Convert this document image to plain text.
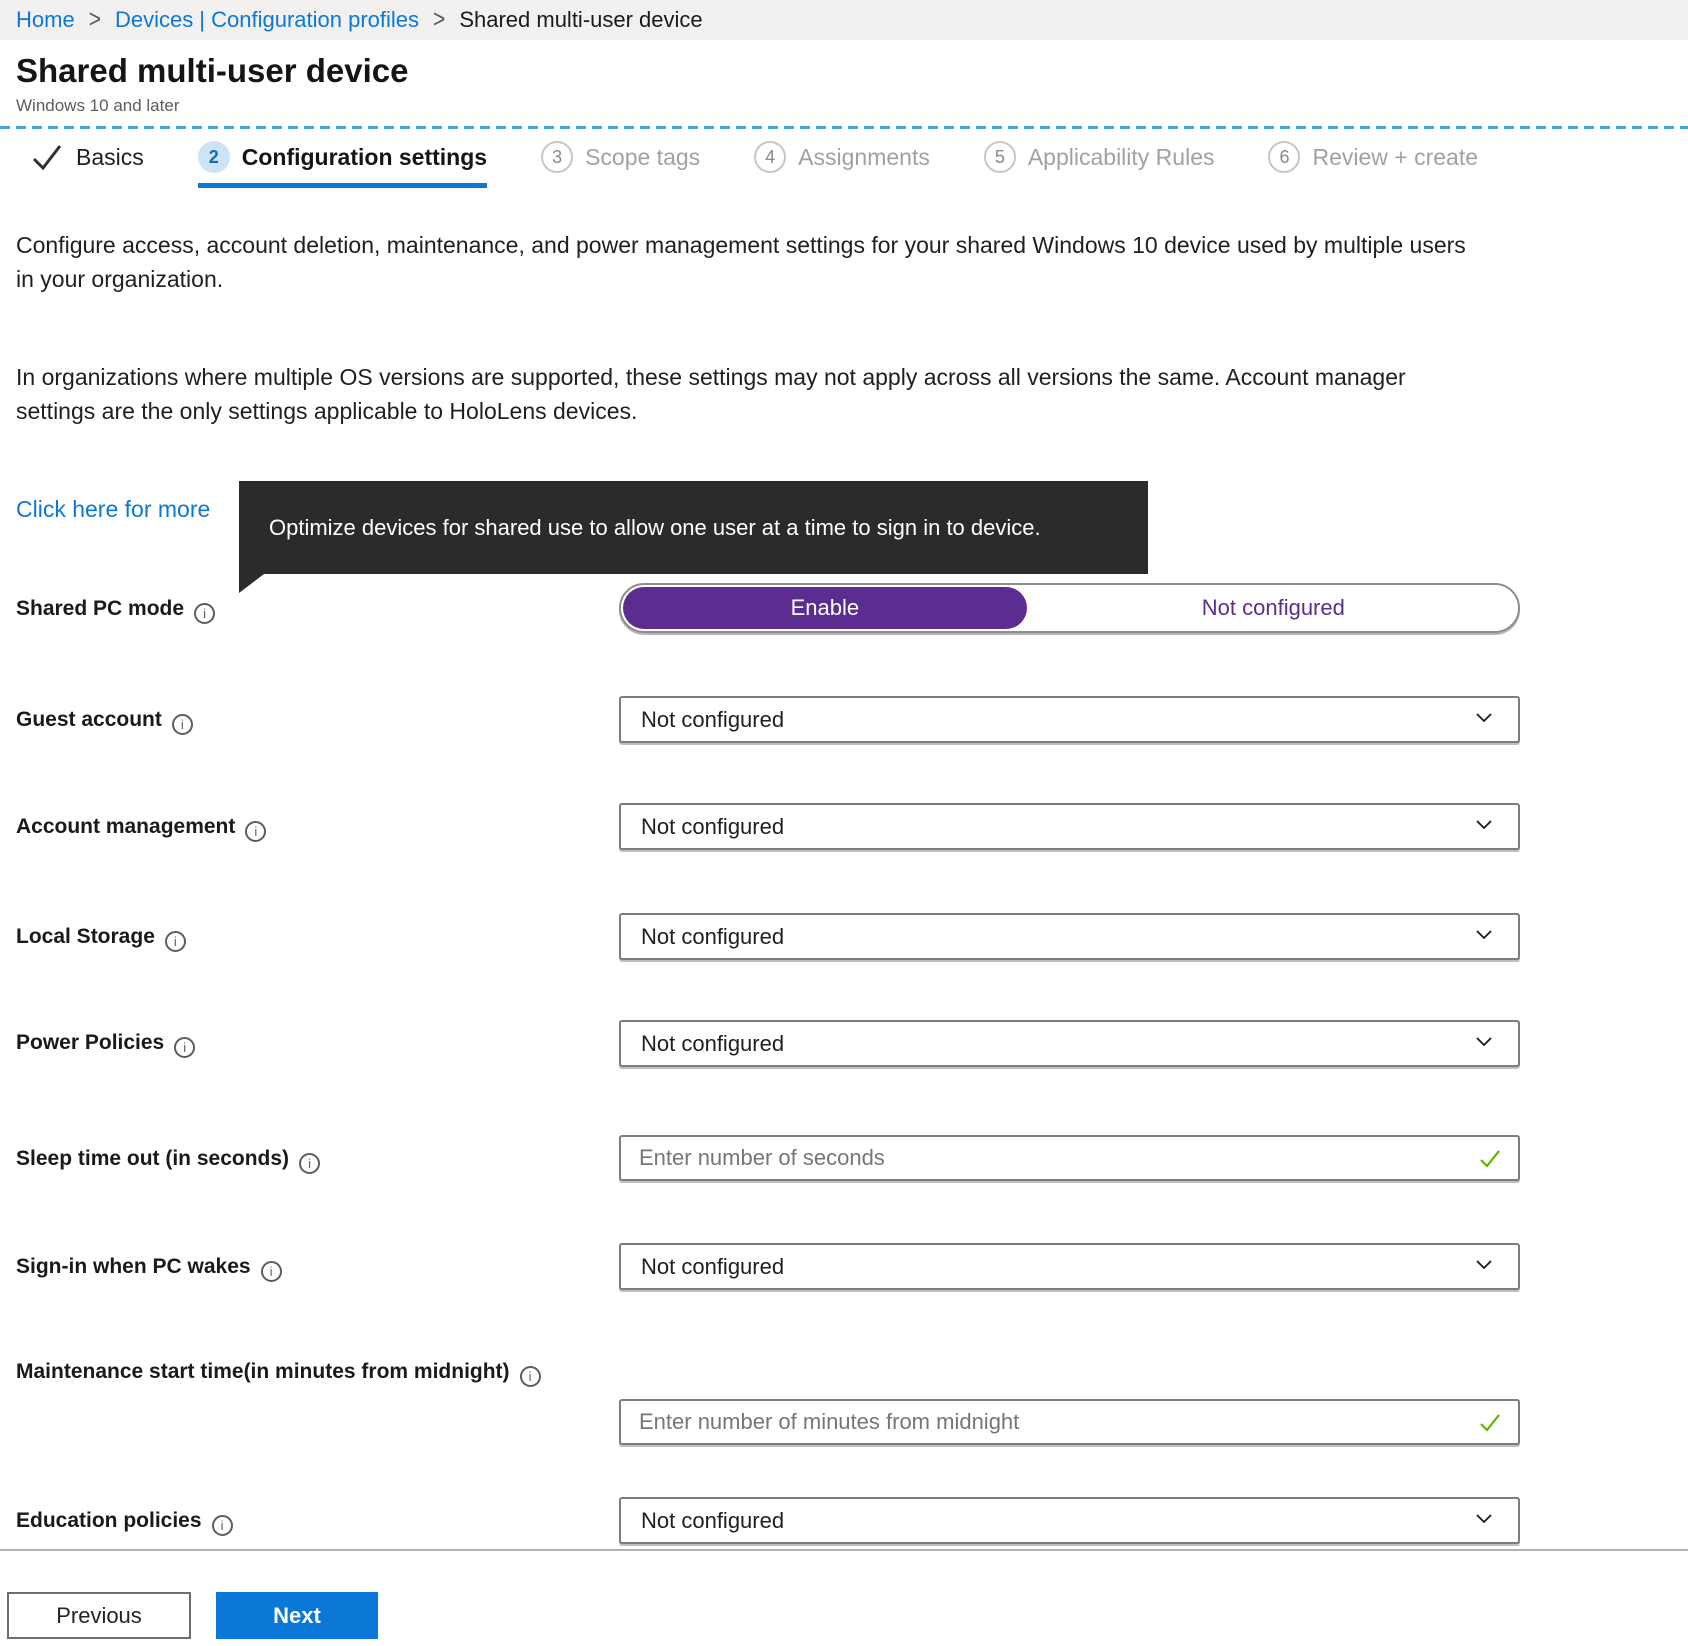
Home > Devices | Configuration profiles > Shared multi-user device
Shared multi-user device
Windows 10 and later
Basics	2	Configuration settings	3	Scope tags	4	Assignments	5	Applicability Rules	6	Review + create
Configure access, account deletion, maintenance, and power management settings for your shared Windows 10 device used by multiple users in your organization.
In organizations where multiple OS versions are supported, these settings may not apply across all versions the same. Account manager settings are the only settings applicable to HoloLens devices.
Click here for more
Optimize devices for shared use to allow one user at a time to sign in to device.
Shared PC mode i	Enable	Not configured
Guest account i	Not configured
Account management i	Not configured
Local Storage i	Not configured
Power Policies i	Not configured
Sleep time out (in seconds) i
Enter number of seconds
Sign-in when PC wakes i	Not configured
Maintenance start time(in minutes from midnight) i
Enter number of minutes from midnight
Education policies i	Not configured
Previous	Next
